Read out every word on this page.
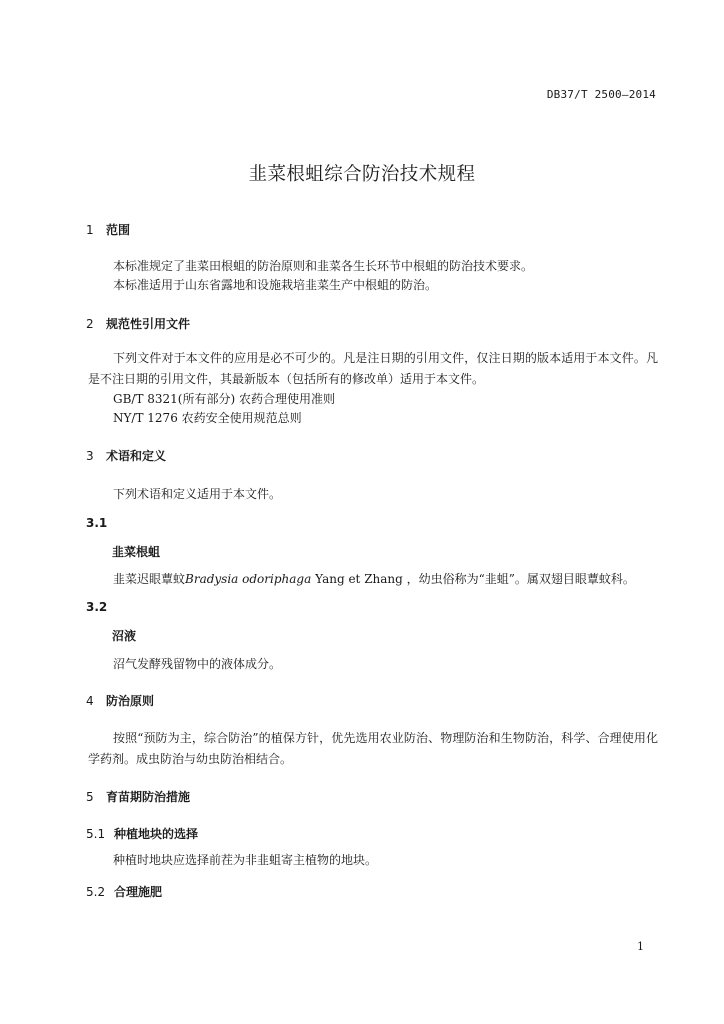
DB37/T 2500—2014
韭菜根蛆综合防治技术规程
1 范围
本标准规定了韭菜田根蛆的防治原则和韭菜各生长环节中根蛆的防治技术要求。
本标准适用于山东省露地和设施栽培韭菜生产中根蛆的防治。
2 规范性引用文件
下列文件对于本文件的应用是必不可少的。凡是注日期的引用文件，仅注日期的版本适用于本文件。凡是不注日期的引用文件，其最新版本（包括所有的修改单）适用于本文件。
GB/T 8321(所有部分) 农药合理使用准则
NY/T 1276 农药安全使用规范总则
3 术语和定义
下列术语和定义适用于本文件。
3.1
韭菜根蛆
韭菜迟眼蕈蚊Bradysia odoriphaga Yang et Zhang ，幼虫俗称为“韭蛆”。属双翅目眼蕈蚊科。
3.2
沼液
沼气发酵残留物中的液体成分。
4 防治原则
按照“预防为主，综合防治”的植保方针，优先选用农业防治、物理防治和生物防治，科学、合理使用化学药剂。成虫防治与幼虫防治相结合。
5 育苗期防治措施
5.1 种植地块的选择
种植时地块应选择前茬为非韭蛆寄主植物的地块。
5.2 合理施肥
1
